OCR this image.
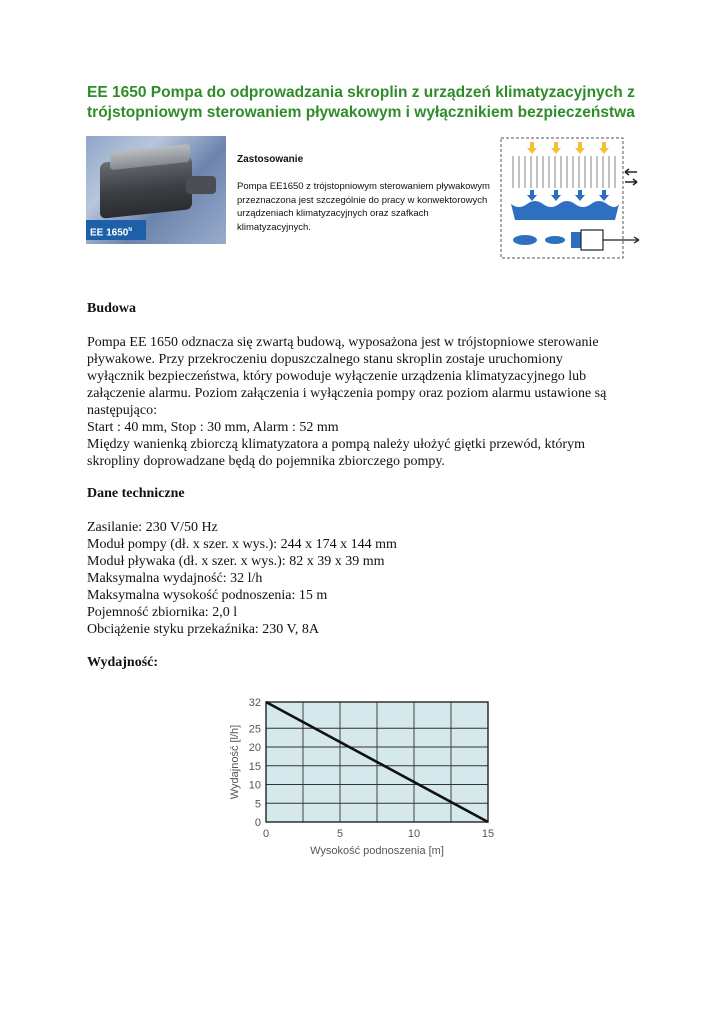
EE 1650 Pompa do odprowadzania skroplin z urządzeń klimatyzacyjnych z trójstopniowym sterowaniem pływakowym i wyłącznikiem bezpieczeństwa
EE $1650^N$
Zastosowanie
Pompa EE1650 z trójstopniowym sterowaniem pływakowym przeznaczona jest szczególnie do pracy w konwektorowych urządzeniach klimatyzacyjnych oraz szafkach klimatyzacyjnych.
Budowa
Pompa EE 1650 odznacza się zwartą budową, wyposażona jest w trójstopniowe sterowanie
pływakowe. Przy przekroczeniu dopuszczalnego stanu skroplin zostaje uruchomiony
wyłącznik bezpieczeństwa, który powoduje wyłączenie urządzenia klimatyzacyjnego lub
załączenie alarmu. Poziom załączenia i wyłączenia pompy oraz poziom alarmu ustawione są
następująco:
Start : 40 mm, Stop : 30 mm, Alarm : 52 mm
Między wanienką zbiorczą klimatyzatora a pompą należy ułożyć giętki przewód, którym
skropliny doprowadzane będą do pojemnika zbiorczego pompy.
Dane techniczne
Zasilanie: 230 V/50 Hz
Moduł pompy (dł. x szer. x wys.): 244 x 174 x 144 mm
Moduł pływaka (dł. x szer. x wys.): 82 x 39 x 39 mm
Maksymalna wydajność: 32 l/h
Maksymalna wysokość podnoszenia: 15 m
Pojemność zbiornika: 2,0 l
Obciążenie styku przekaźnika: 230 V, 8A
Wydajność:
0
5
10
15
20
25
32
0	5	10	15
Wysokość podnoszenia [m]
Wydajność [l/h]
